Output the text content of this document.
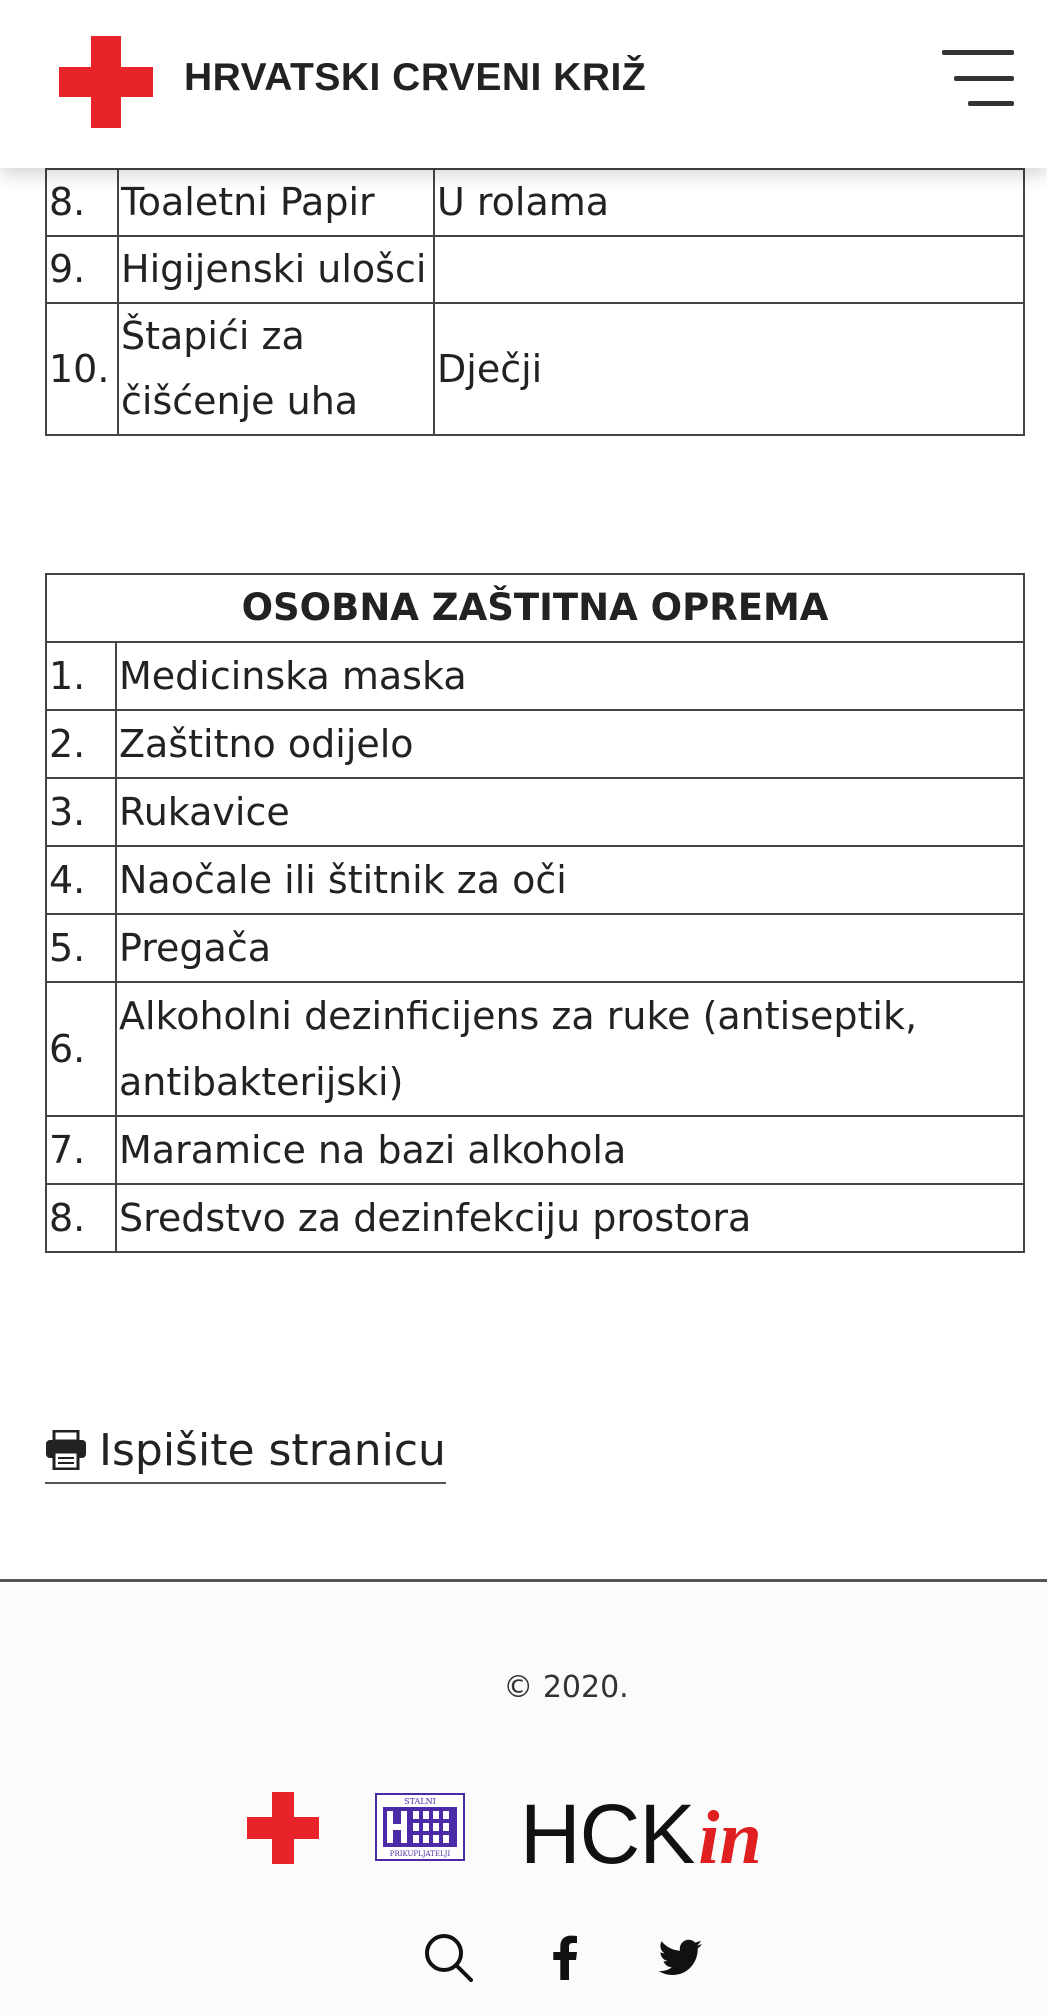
HRVATSKI CRVENI KRIŽ
8.	Toaletni Papir	U rolama
9.	Higijenski ulošci	
10.	Štapići za čišćenje uha	Dječji
OSOBNA ZAŠTITNA OPREMA	
1.	Medicinska maska
2.	Zaštitno odijelo
3.	Rukavice
4.	Naočale ili štitnik za oči
5.	Pregača
6.	Alkoholni dezinficijens za ruke (antiseptik, antibakterijski)
7.	Maramice na bazi alkohola
8.	Sredstvo za dezinfekciju prostora
Ispišite stranicu
© 2020.
STALNI
PRIKUPLJATELJI HCK in
